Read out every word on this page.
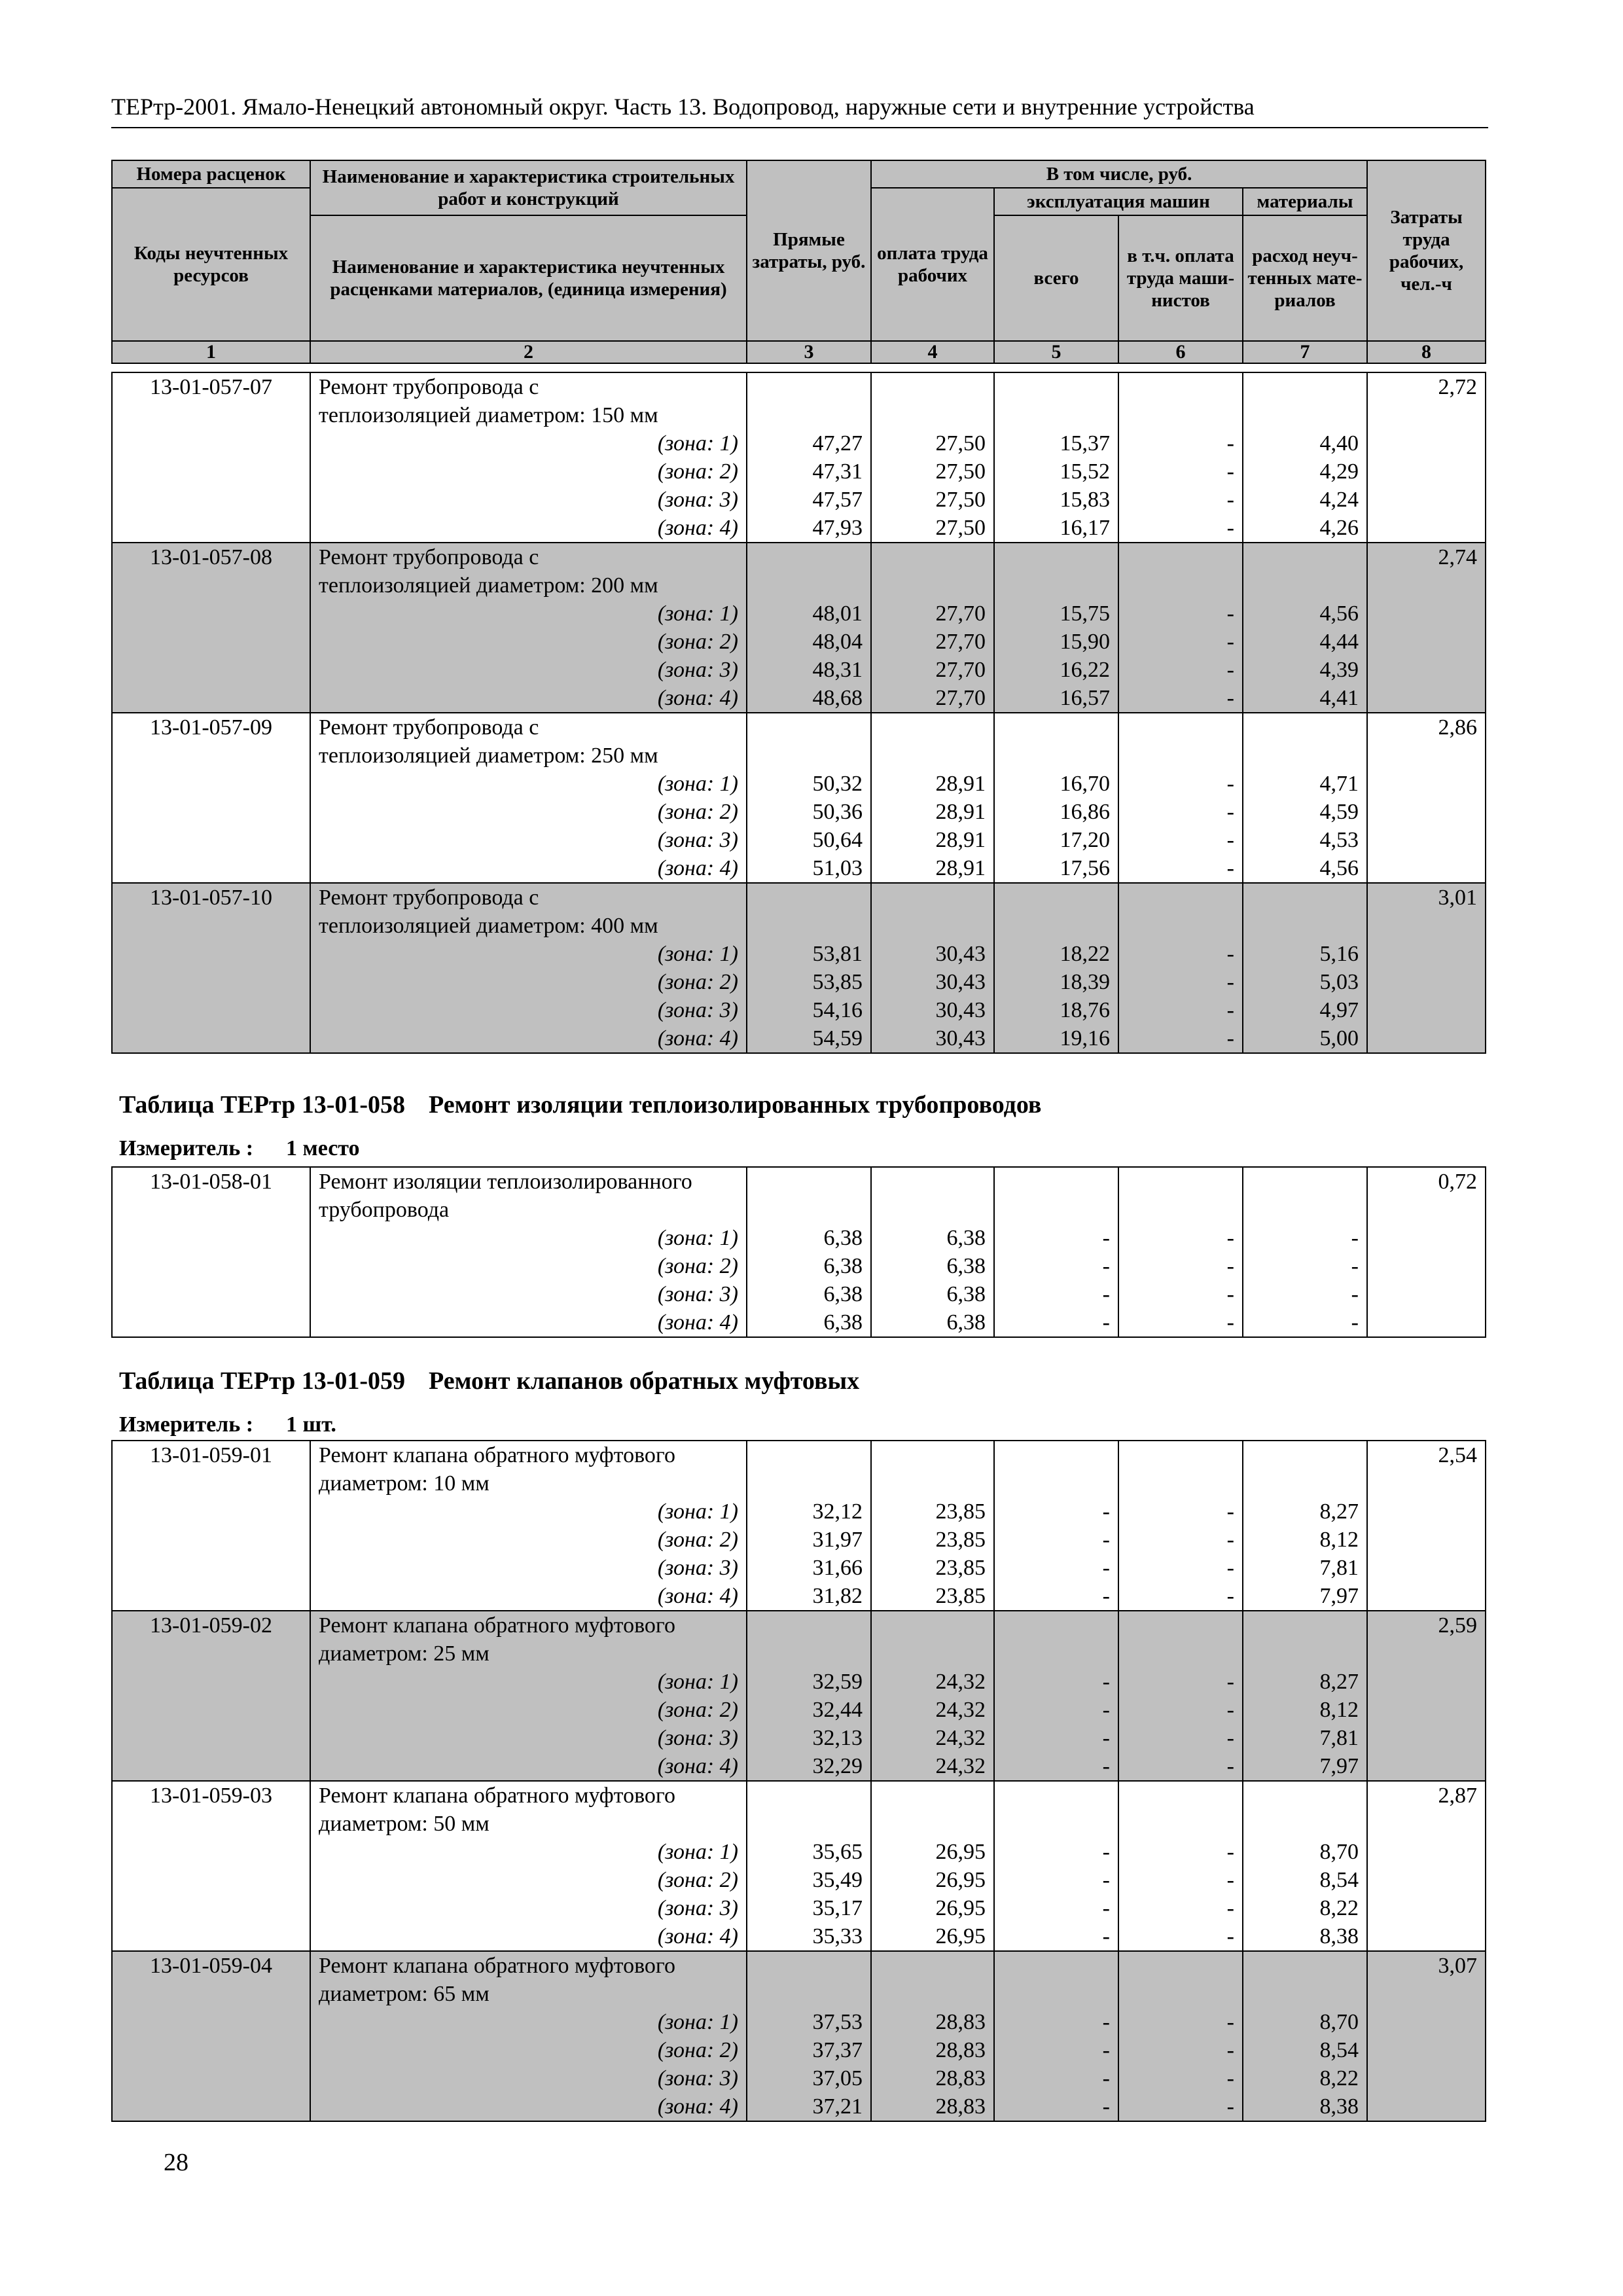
ТЕРтр-2001. Ямало-Ненецкий автономный округ. Часть 13. Водопровод, наружные сети и внутренние устройства
Номера расценок	Наименование и характеристика строительных работ и конструкций	Прямые затраты, руб.	В том числе, руб.				Затраты труда рабочих, чел.-ч
Коды неучтенных ресурсов			оплата труда рабочих	эксплуатация машин		материалы	
	Наименование и характеристика неучтенных расценками материалов, (единица измерения)			всего	в т.ч. оплата труда маши-нистов	расход неуч-тенных мате-риалов	

1	2	3	4	5	6	7	8
13-01-057-07	Ремонт трубопровода с						2,72
	теплоизоляцией диаметром: 150 мм						
	(зона: 1)	47,27	27,50	15,37	-	4,40	
	(зона: 2)	47,31	27,50	15,52	-	4,29	
	(зона: 3)	47,57	27,50	15,83	-	4,24	
	(зона: 4)	47,93	27,50	16,17	-	4,26	
13-01-057-08	Ремонт трубопровода с						2,74
	теплоизоляцией диаметром: 200 мм						
	(зона: 1)	48,01	27,70	15,75	-	4,56	
	(зона: 2)	48,04	27,70	15,90	-	4,44	
	(зона: 3)	48,31	27,70	16,22	-	4,39	
	(зона: 4)	48,68	27,70	16,57	-	4,41	
13-01-057-09	Ремонт трубопровода с						2,86
	теплоизоляцией диаметром: 250 мм						
	(зона: 1)	50,32	28,91	16,70	-	4,71	
	(зона: 2)	50,36	28,91	16,86	-	4,59	
	(зона: 3)	50,64	28,91	17,20	-	4,53	
	(зона: 4)	51,03	28,91	17,56	-	4,56	
13-01-057-10	Ремонт трубопровода с						3,01
	теплоизоляцией диаметром: 400 мм						
	(зона: 1)	53,81	30,43	18,22	-	5,16	
	(зона: 2)	53,85	30,43	18,39	-	5,03	
	(зона: 3)	54,16	30,43	18,76	-	4,97	
	(зона: 4)	54,59	30,43	19,16	-	5,00	
Таблица ТЕРтр 13-01-058 Ремонт изоляции теплоизолированных трубопроводов
Измеритель : 1 место
13-01-058-01	Ремонт изоляции теплоизолированного						0,72
	трубопровода						
	(зона: 1)	6,38	6,38	-	-	-	
	(зона: 2)	6,38	6,38	-	-	-	
	(зона: 3)	6,38	6,38	-	-	-	
	(зона: 4)	6,38	6,38	-	-	-	
Таблица ТЕРтр 13-01-059 Ремонт клапанов обратных муфтовых
Измеритель : 1 шт.
13-01-059-01	Ремонт клапана обратного муфтового						2,54
	диаметром: 10 мм						
	(зона: 1)	32,12	23,85	-	-	8,27	
	(зона: 2)	31,97	23,85	-	-	8,12	
	(зона: 3)	31,66	23,85	-	-	7,81	
	(зона: 4)	31,82	23,85	-	-	7,97	
13-01-059-02	Ремонт клапана обратного муфтового						2,59
	диаметром: 25 мм						
	(зона: 1)	32,59	24,32	-	-	8,27	
	(зона: 2)	32,44	24,32	-	-	8,12	
	(зона: 3)	32,13	24,32	-	-	7,81	
	(зона: 4)	32,29	24,32	-	-	7,97	
13-01-059-03	Ремонт клапана обратного муфтового						2,87
	диаметром: 50 мм						
	(зона: 1)	35,65	26,95	-	-	8,70	
	(зона: 2)	35,49	26,95	-	-	8,54	
	(зона: 3)	35,17	26,95	-	-	8,22	
	(зона: 4)	35,33	26,95	-	-	8,38	
13-01-059-04	Ремонт клапана обратного муфтового						3,07
	диаметром: 65 мм						
	(зона: 1)	37,53	28,83	-	-	8,70	
	(зона: 2)	37,37	28,83	-	-	8,54	
	(зона: 3)	37,05	28,83	-	-	8,22	
	(зона: 4)	37,21	28,83	-	-	8,38	
28
